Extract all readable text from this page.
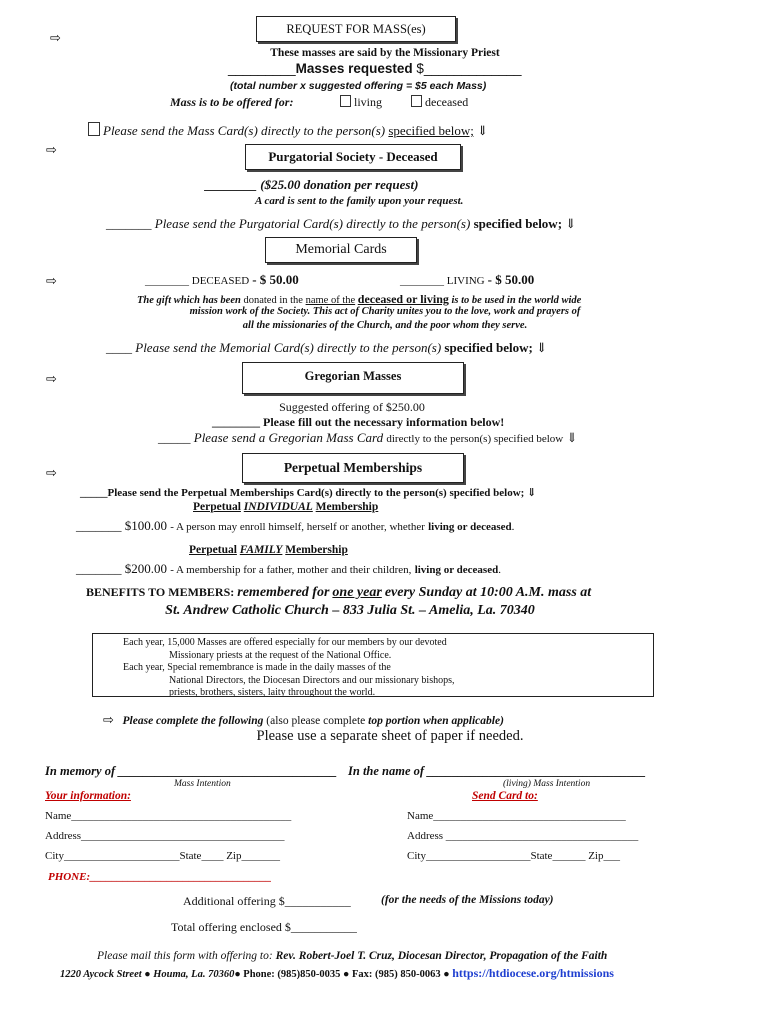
⇨
⇨
⇨
⇨
⇨
REQUEST FOR MASS(es)
These masses are said by the Missionary Priest
_________Masses requested $_____________
(total number x suggested offering = $5 each Mass)
Mass is to be offered for:	living	deceased
Please send the Mass Card(s) directly to the person(s) specified below; ⇓
Purgatorial Society - Deceased
________ ($25.00 donation per request)
A card is sent to the family upon your request.
_______ Please send the Purgatorial Card(s) directly to the person(s) specified below; ⇓
Memorial Cards
________ DECEASED - $ 50.00	________ LIVING - $ 50.00
The gift which has been donated in the name of the deceased or living is to be used in the world wide
mission work of the Society. This act of Charity unites you to the love, work and prayers of
all the missionaries of the Church, and the poor whom they serve.
____ Please send the Memorial Card(s) directly to the person(s) specified below; ⇓
Gregorian Masses
Suggested offering of $250.00
________ Please fill out the necessary information below!
_____ Please send a Gregorian Mass Card directly to the person(s) specified below ⇓
Perpetual Memberships
_____Please send the Perpetual Memberships Card(s) directly to the person(s) specified below; ⇓
Perpetual INDIVIDUAL Membership
_______ $100.00 - A person may enroll himself, herself or another, whether living or deceased.
Perpetual FAMILY Membership
_______ $200.00 - A membership for a father, mother and their children, living or deceased.
BENEFITS TO MEMBERS: remembered for one year every Sunday at 10:00 A.M. mass at
St. Andrew Catholic Church – 833 Julia St. – Amelia, La. 70340
Each year, 15,000 Masses are offered especially for our members by our devoted
Missionary priests at the request of the National Office.
Each year, Special remembrance is made in the daily masses of the
National Directors, the Diocesan Directors and our missionary bishops,
priests, brothers, sisters, laity throughout the world.
⇨ Please complete the following (also please complete top portion when applicable)
Please use a separate sheet of paper if needed.
In memory of ___________________________________ In the name of ___________________________________
Mass Intention	(living) Mass Intention
Your information:	Send Card to:
Name________________________________________	Name___________________________________
Address_____________________________________	Address ___________________________________
City_____________________State____ Zip_______	City___________________State______ Zip___
PHONE:_________________________________
Additional offering $___________	(for the needs of the Missions today)
Total offering enclosed $___________
Please mail this form with offering to: Rev. Robert-Joel T. Cruz, Diocesan Director, Propagation of the Faith
1220 Aycock Street ● Houma, La. 70360● Phone: (985)850-0035 ● Fax: (985) 850-0063 ● https://htdiocese.org/htmissions
